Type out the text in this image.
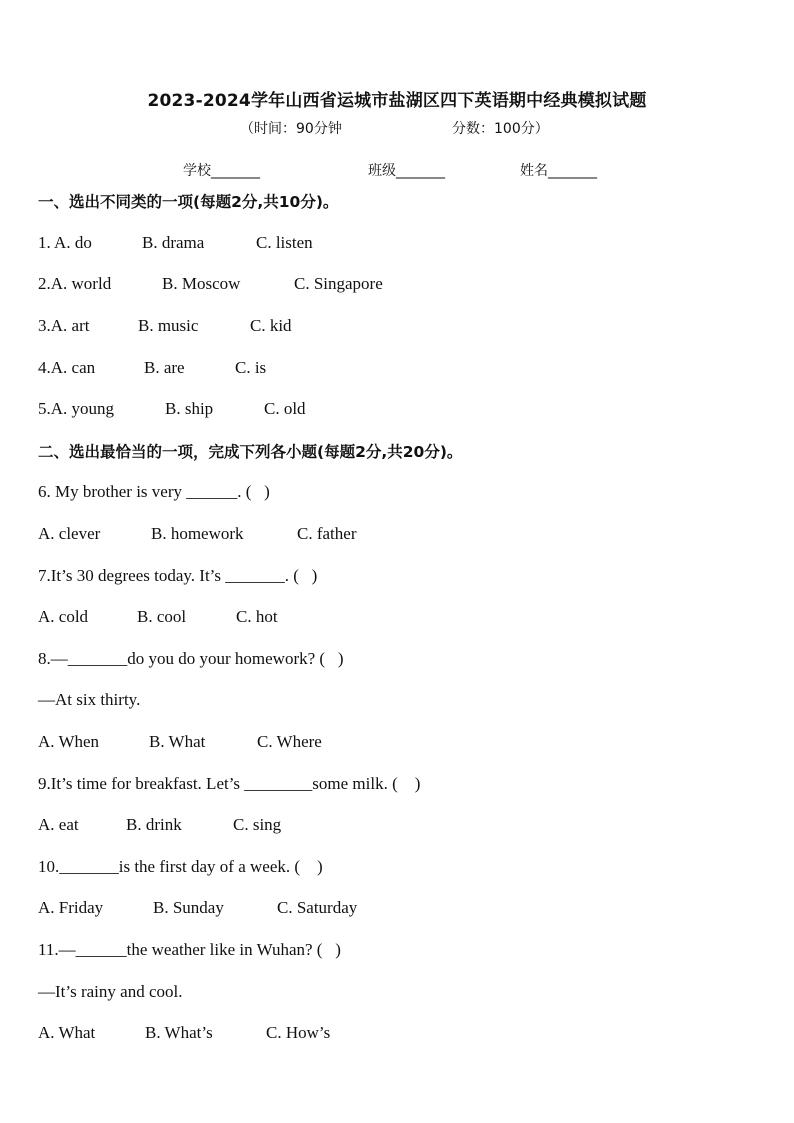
2023-2024学年山西省运城市盐湖区四下英语期中经典模拟试题
（时间：90分钟	分数：100分）
学校_______	班级_______	姓名_______
一、选出不同类的一项(每题2分,共10分)。
1. A. do	B. drama	C. listen
2.A. world	B. Moscow	C. Singapore
3.A. art	B. music	C. kid
4.A. can	B. are	C. is
5.A. young	B. ship	C. old
二、选出最恰当的一项，完成下列各小题(每题2分,共20分)。
6. My brother is very ______. (   )
A. clever	B. homework	C. father
7.It’s 30 degrees today. It’s _______. (   )
A. cold	B. cool	C. hot
8.—_______do you do your homework? (   )
—At six thirty.
A. When	B. What	C. Where
9.It’s time for breakfast. Let’s ________some milk. (    )
A. eat	B. drink	C. sing
10._______is the first day of a week. (    )
A. Friday	B. Sunday	C. Saturday
11.—______the weather like in Wuhan? (   )
—It’s rainy and cool.
A. What	B. What’s	C. How’s
